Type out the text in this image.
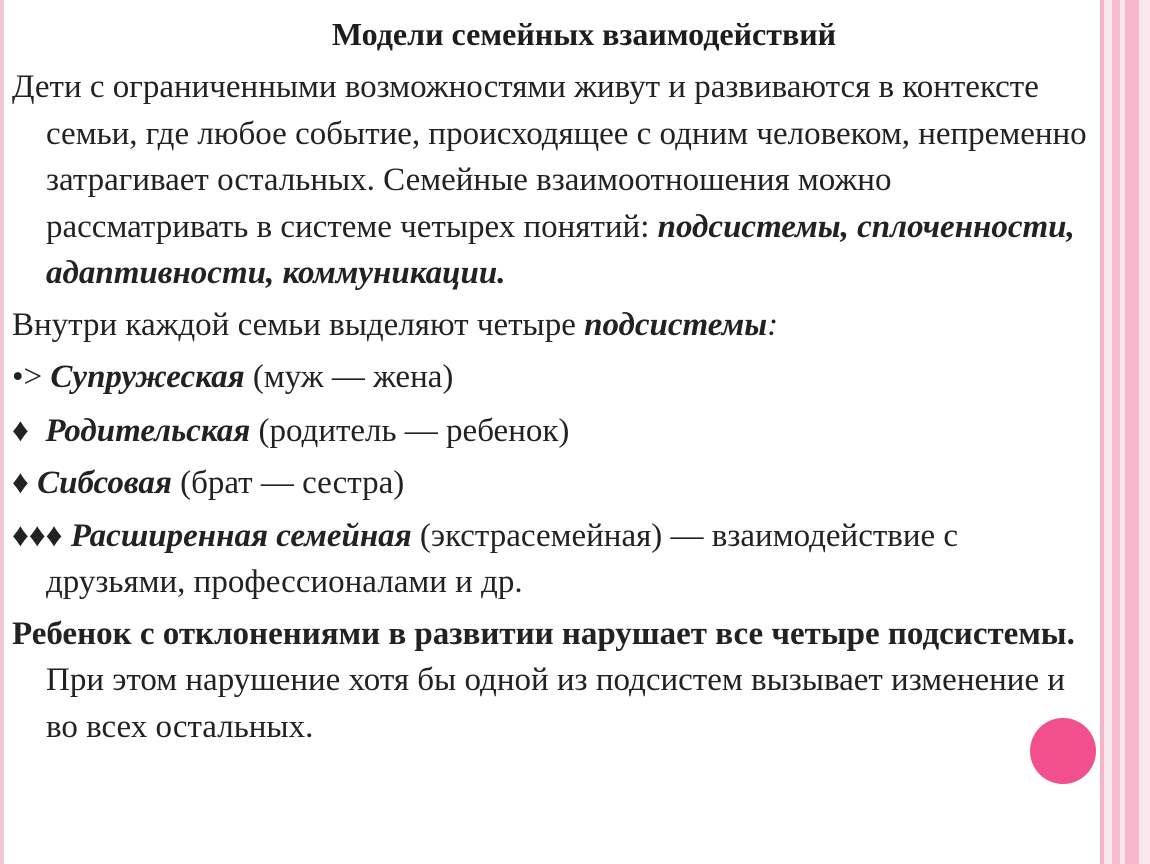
Модели семейных взаимодействий

Дети с ограниченными возможностями живут и развиваются в контексте семьи, где любое событие, происходящее с одним человеком, непременно затрагивает остальных. Семейные взаимоотношения можно рассматривать в системе четырех понятий: подсистемы, сплоченности, адаптивности, коммуникации.

Внутри каждой семьи выделяют четыре подсистемы:

•> Супружеская (муж — жена)

♦ Родительская (родитель — ребенок)

♦ Сибсовая (брат — сестра)

♦♦♦ Расширенная семейная (экстрасемейная) — взаимодействие с друзьями, профессионалами и др.

Ребенок с отклонениями в развитии нарушает все четыре подсистемы. При этом нарушение хотя бы одной из подсистем вызывает изменение и во всех остальных.
